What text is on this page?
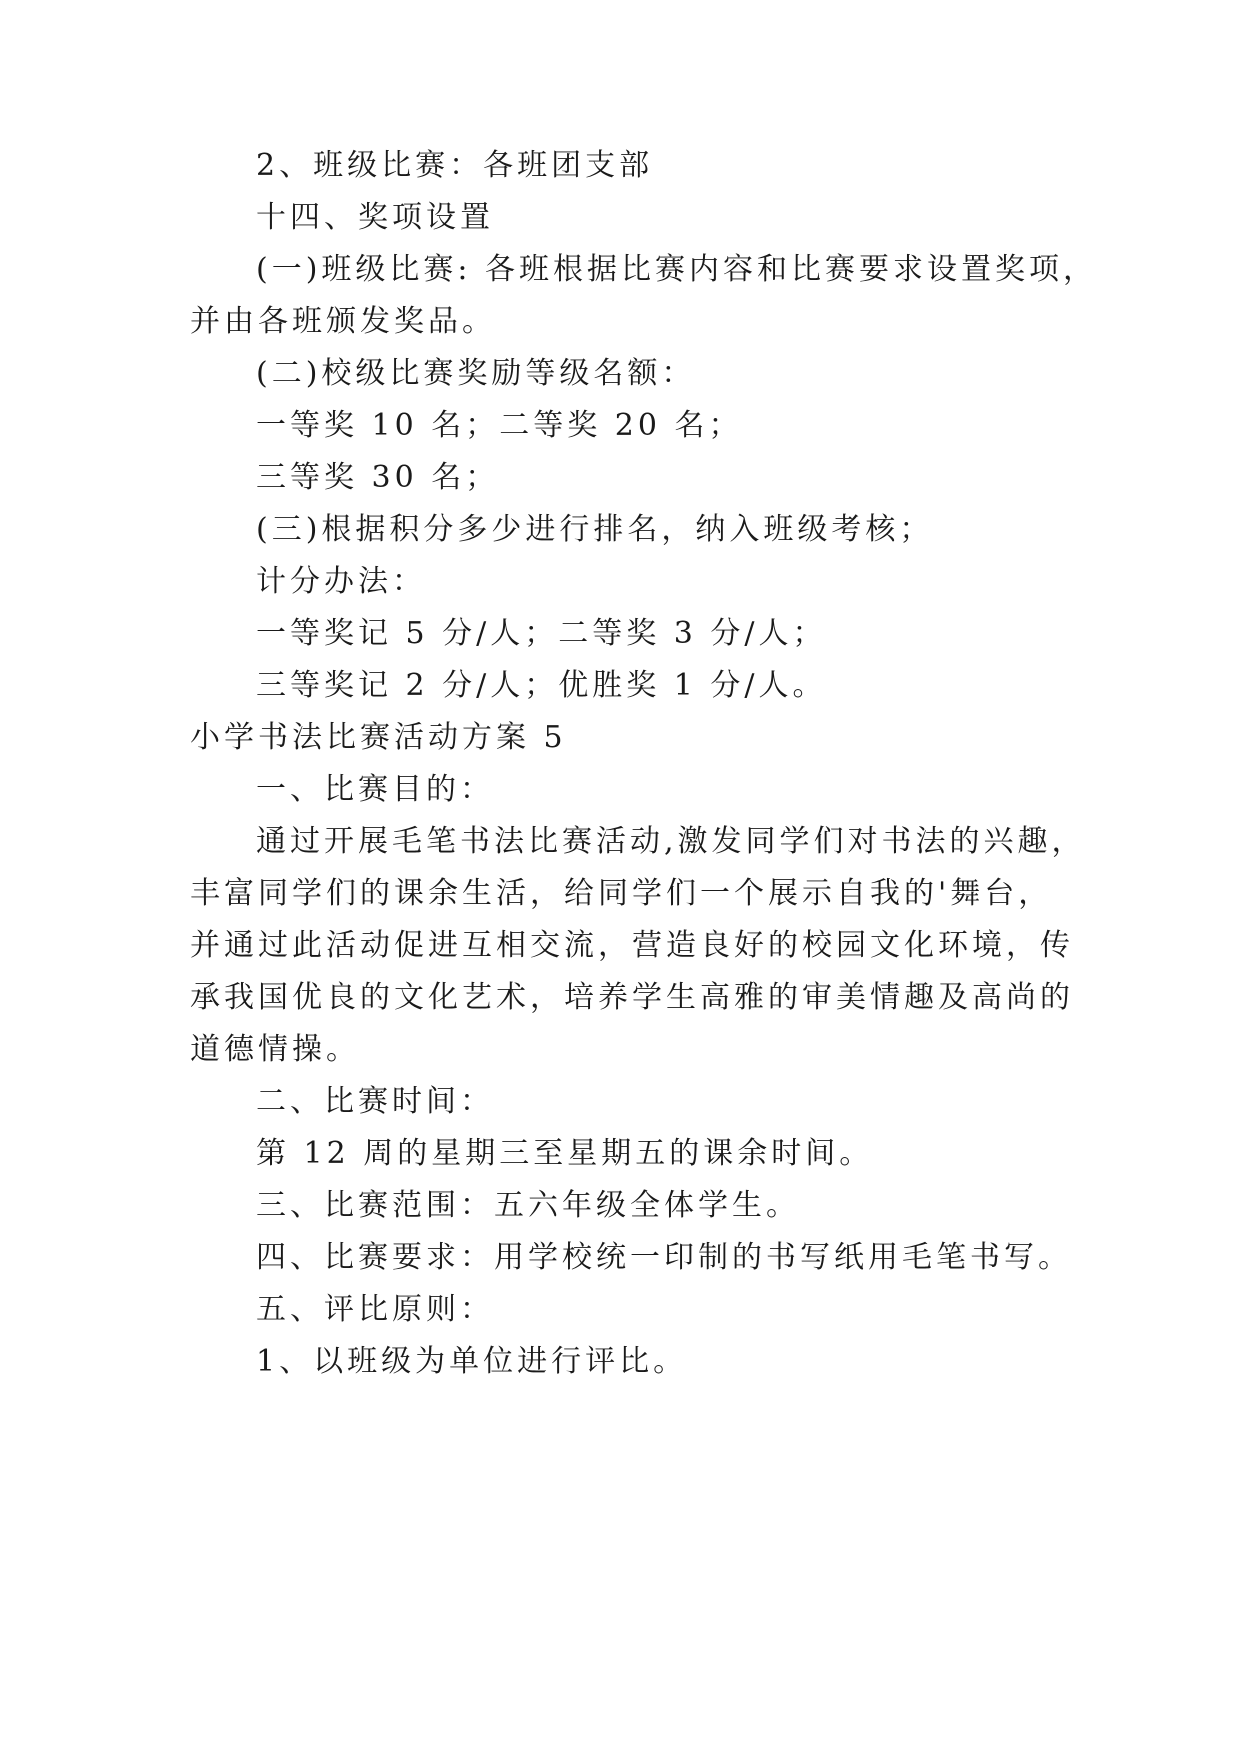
2、班级比赛：各班团支部

十四、奖项设置

(一)班级比赛: 各班根据比赛内容和比赛要求设置奖项，

并由各班颁发奖品。

(二)校级比赛奖励等级名额：

一等奖 10 名；二等奖 20 名；

三等奖 30 名；

(三)根据积分多少进行排名，纳入班级考核；

计分办法：

一等奖记 5 分/人；二等奖 3 分/人；

三等奖记 2 分/人；优胜奖 1 分/人。

小学书法比赛活动方案 5

一、比赛目的：

通过开展毛笔书法比赛活动,激发同学们对书法的兴趣，

丰富同学们的课余生活，给同学们一个展示自我的'舞台，

并通过此活动促进互相交流，营造良好的校园文化环境，传

承我国优良的文化艺术，培养学生高雅的审美情趣及高尚的

道德情操。

二、比赛时间：

第 12 周的星期三至星期五的课余时间。

三、比赛范围：五六年级全体学生。

四、比赛要求：用学校统一印制的书写纸用毛笔书写。

五、评比原则：

1、以班级为单位进行评比。
